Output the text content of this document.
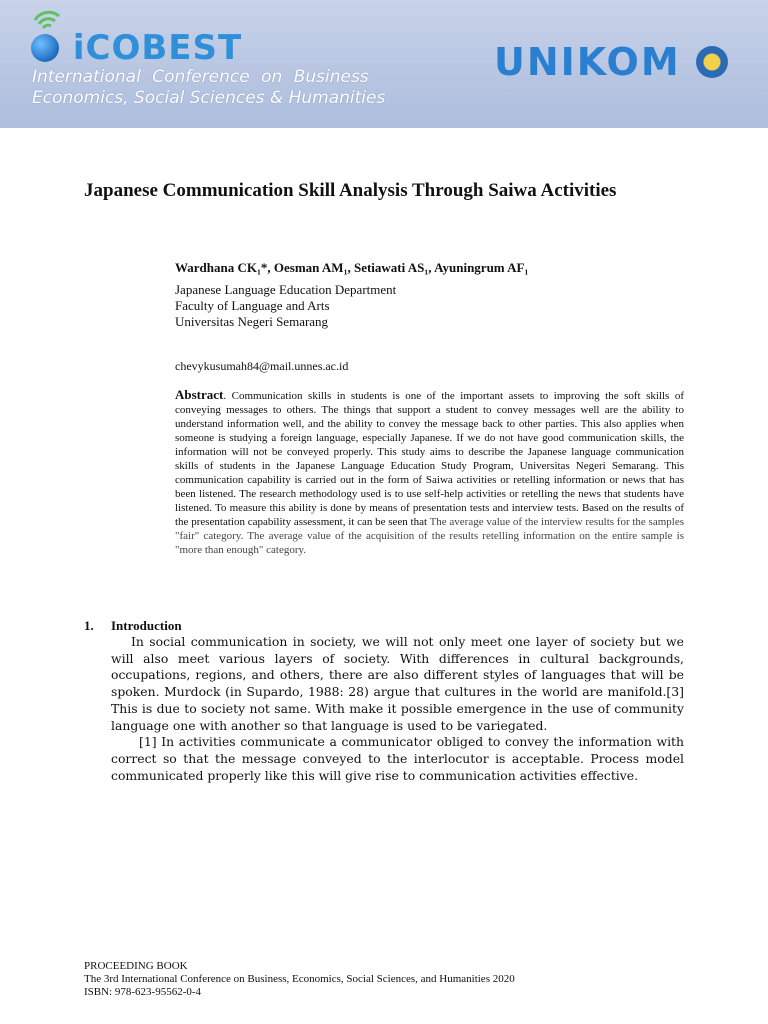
iCOBEST
International Conference on Business
Economics, Social Sciences & Humanities
UNIKOM
Japanese Communication Skill Analysis Through Saiwa Activities
Wardhana CK₁*, Oesman AM₁, Setiawati AS₁, Ayuningrum AF₁
Japanese Language Education Department
Faculty of Language and Arts
Universitas Negeri Semarang
chevykusumah84@mail.unnes.ac.id

Abstract. Communication skills in students is one of the important assets to improving the soft skills of conveying messages to others. The things that support a student to convey messages well are the ability to understand information well, and the ability to convey the message back to other parties. This also applies when someone is studying a foreign language, especially Japanese. If we do not have good communication skills, the information will not be conveyed properly. This study aims to describe the Japanese language communication skills of students in the Japanese Language Education Study Program, Universitas Negeri Semarang. This communication capability is carried out in the form of Saiwa activities or retelling information or news that has been listened. The research methodology used is to use self-help activities or retelling the news that students have listened. To measure this ability is done by means of presentation tests and interview tests. Based on the results of the presentation capability assessment, it can be seen that The average value of the interview results for the samples "fair" category. The average value of the acquisition of the results retelling information on the entire sample is "more than enough" category.

1. Introduction

In social communication in society, we will not only meet one layer of society but we will also meet various layers of society. With differences in cultural backgrounds, occupations, regions, and others, there are also different styles of languages that will be spoken. Murdock (in Supardo, 1988: 28) argue that cultures in the world are manifold.[3] This is due to society not same. With make it possible emergence in the use of community language one with another so that language is used to be variegated.

[1] In activities communicate a communicator obliged to convey the information with correct so that the message conveyed to the interlocutor is acceptable. Process model communicated properly like this will give rise to communication activities effective.

PROCEEDING BOOK
The 3rd International Conference on Business, Economics, Social Sciences, and Humanities 2020
ISBN: 978-623-95562-0-4
